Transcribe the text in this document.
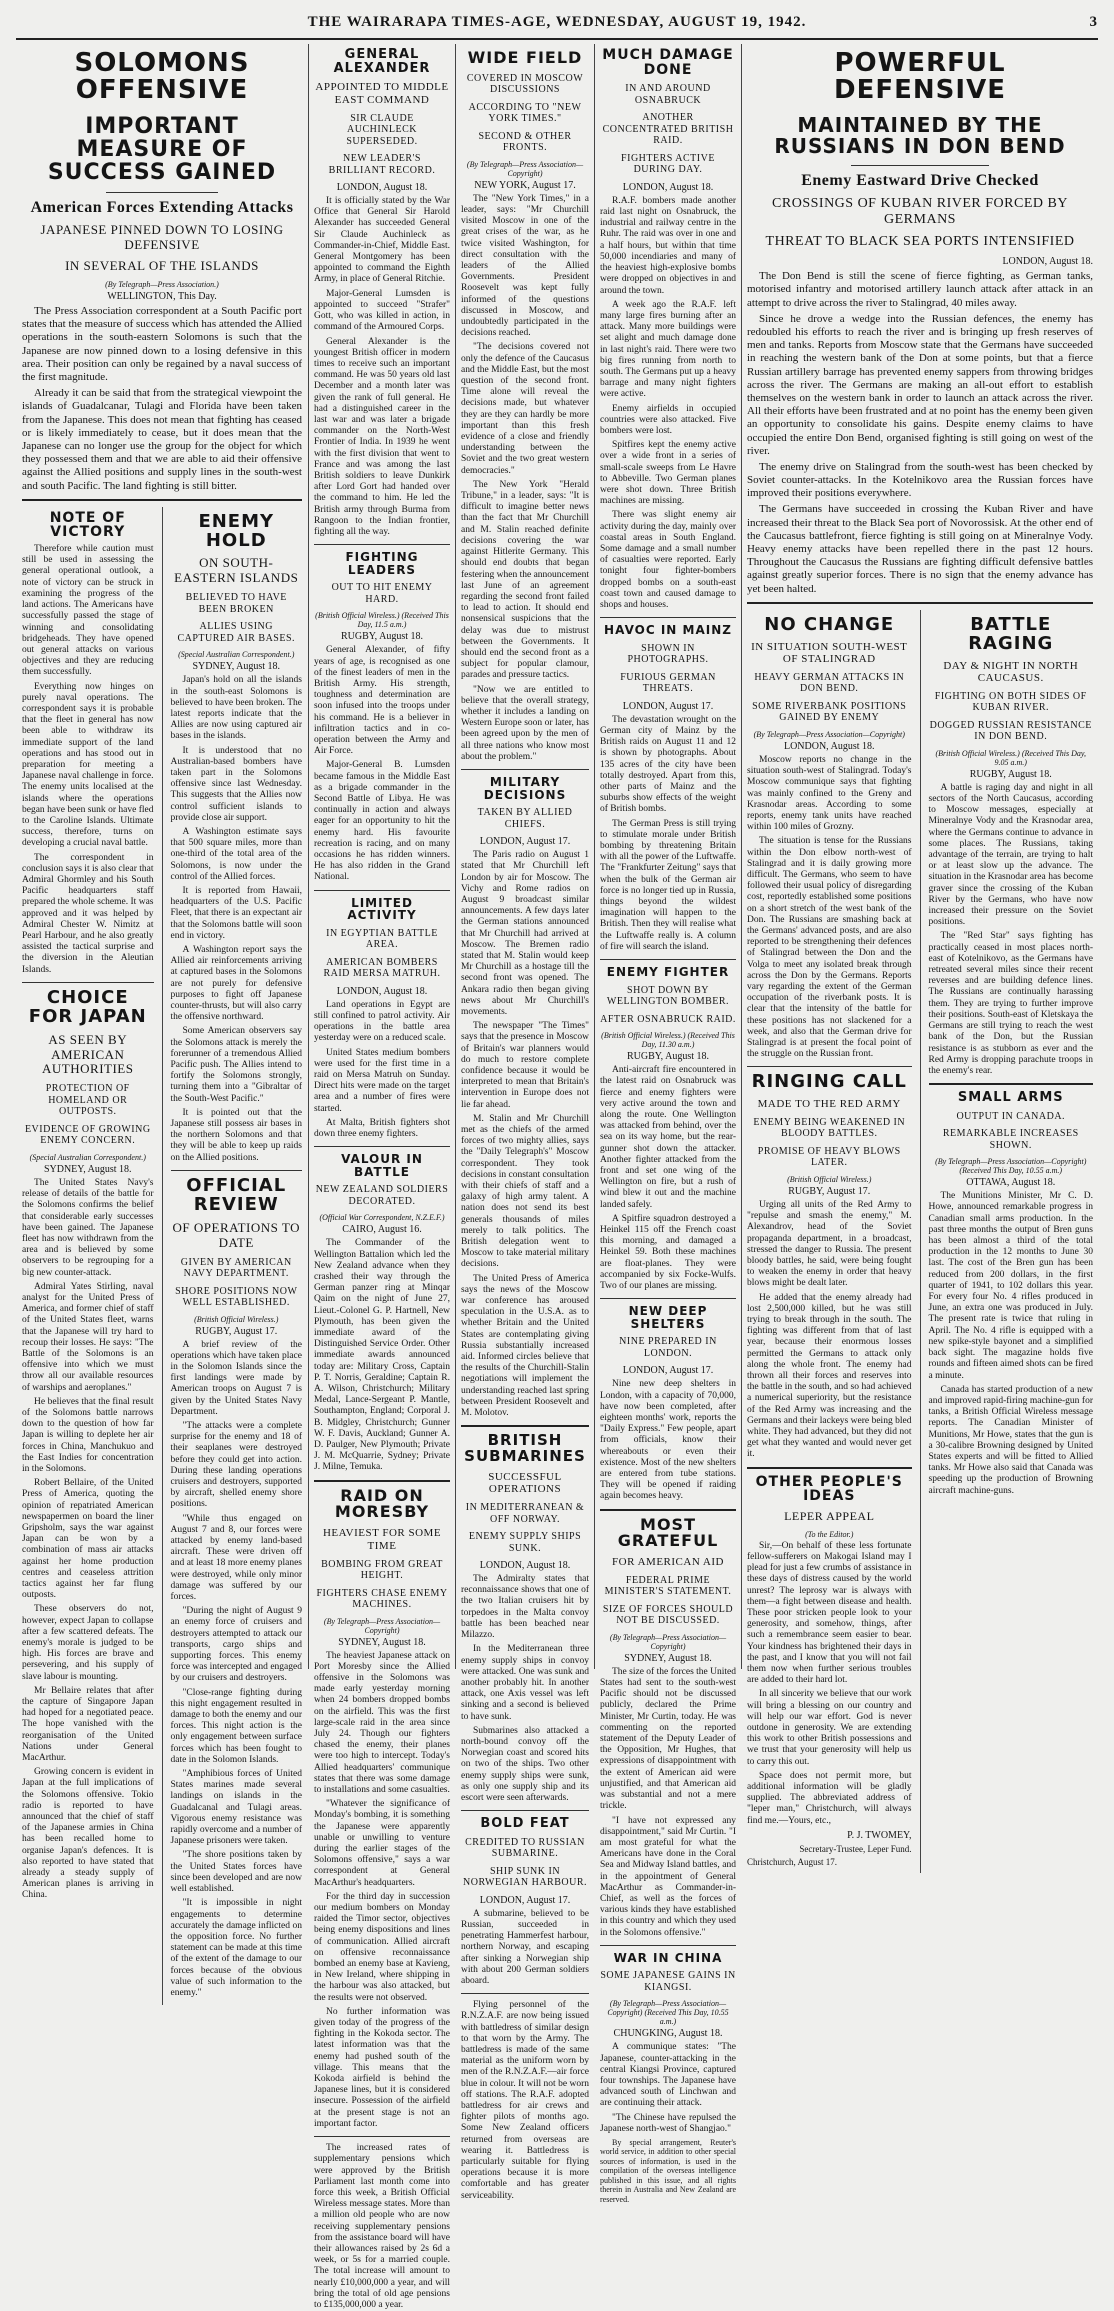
THE WAIRARAPA TIMES-AGE, WEDNESDAY, AUGUST 19, 1942.	3
SOLOMONS OFFENSIVE
IMPORTANT MEASURE OF SUCCESS GAINED
American Forces Extending Attacks
JAPANESE PINNED DOWN TO LOSING DEFENSIVE
IN SEVERAL OF THE ISLANDS
(By Telegraph—Press Association.)
WELLINGTON, This Day.

The Press Association correspondent at a South Pacific port states that the measure of success which has attended the Allied operations in the south-eastern Solomons is such that the Japanese are now pinned down to a losing defensive in this area. Their position can only be regained by a naval success of the first magnitude.

Already it can be said that from the strategical viewpoint the islands of Guadalcanar, Tulagi and Florida have been taken from the Japanese. This does not mean that fighting has ceased or is likely immediately to cease, but it does mean that the Japanese can no longer use the group for the object for which they possessed them and that we are able to aid their offensive against the Allied positions and supply lines in the south-west and south Pacific. The land fighting is still bitter.

NOTE OF VICTORY

Therefore while caution must still be used in assessing the general operational outlook, a note of victory can be struck in examining the progress of the land actions. The Americans have successfully passed the stage of winning and consolidating bridgeheads. They have opened out general attacks on various objectives and they are reducing them successfully.

Everything now hinges on purely naval operations. The correspondent says it is probable that the fleet in general has now been able to withdraw its immediate support of the land operations and has stood out in preparation for meeting a Japanese naval challenge in force. The enemy units localised at the islands where the operations began have been sunk or have fled to the Caroline Islands. Ultimate success, therefore, turns on developing a crucial naval battle.

The correspondent in conclusion says it is also clear that Admiral Ghormley and his South Pacific headquarters staff prepared the whole scheme. It was approved and it was helped by Admiral Chester W. Nimitz at Pearl Harbour, and he also greatly assisted the tactical surprise and the diversion in the Aleutian Islands.

CHOICE FOR JAPAN
AS SEEN BY AMERICAN AUTHORITIES
PROTECTION OF HOMELAND OR OUTPOSTS.
EVIDENCE OF GROWING ENEMY CONCERN.
(Special Australian Correspondent.)
SYDNEY, August 18.

The United States Navy's release of details of the battle for the Solomons confirms the belief that considerable early successes have been gained. The Japanese fleet has now withdrawn from the area and is believed by some observers to be regrouping for a big new counter-attack.

Admiral Yates Stirling, naval analyst for the United Press of America, and former chief of staff of the United States fleet, warns that the Japanese will try hard to recoup their losses. He says: "The Battle of the Solomons is an offensive into which we must throw all our available resources of warships and aeroplanes."

He believes that the final result of the Solomons battle narrows down to the question of how far Japan is willing to deplete her air forces in China, Manchukuo and the East Indies for concentration in the Solomons.

Robert Bellaire, of the United Press of America, quoting the opinion of repatriated American newspapermen on board the liner Gripsholm, says the war against Japan can be won by a combination of mass air attacks against her home production centres and ceaseless attrition tactics against her far flung outposts.

These observers do not, however, expect Japan to collapse after a few scattered defeats. The enemy's morale is judged to be high. His forces are brave and persevering, and his supply of slave labour is mounting.

Mr Bellaire relates that after the capture of Singapore Japan had hoped for a negotiated peace. The hope vanished with the reorganisation of the United Nations under General MacArthur.

Growing concern is evident in Japan at the full implications of the Solomons offensive. Tokio radio is reported to have announced that the chief of staff of the Japanese armies in China has been recalled home to organise Japan's defences. It is also reported to have stated that already a steady supply of American planes is arriving in China.

ENEMY HOLD
ON SOUTH-EASTERN ISLANDS
BELIEVED TO HAVE BEEN BROKEN
ALLIES USING CAPTURED AIR BASES.
(Special Australian Correspondent.)
SYDNEY, August 18.

Japan's hold on all the islands in the south-east Solomons is believed to have been broken. The latest reports indicate that the Allies are now using captured air bases in the islands.

It is understood that no Australian-based bombers have taken part in the Solomons offensive since last Wednesday. This suggests that the Allies now control sufficient islands to provide close air support.

A Washington estimate says that 500 square miles, more than one-third of the total area of the Solomons, is now under the control of the Allied forces.

It is reported from Hawaii, headquarters of the U.S. Pacific Fleet, that there is an expectant air that the Solomons battle will soon end in victory.

A Washington report says the Allied air reinforcements arriving at captured bases in the Solomons are not purely for defensive purposes to fight off Japanese counter-thrusts, but will also carry the offensive northward.

Some American observers say the Solomons attack is merely the forerunner of a tremendous Allied Pacific push. The Allies intend to fortify the Solomons strongly, turning them into a "Gibraltar of the South-West Pacific."

It is pointed out that the Japanese still possess air bases in the northern Solomons and that they will be able to keep up raids on the Allied positions.

OFFICIAL REVIEW
OF OPERATIONS TO DATE
GIVEN BY AMERICAN NAVY DEPARTMENT.
SHORE POSITIONS NOW WELL ESTABLISHED.
(British Official Wireless.)
RUGBY, August 17.

A brief review of the operations which have taken place in the Solomon Islands since the first landings were made by American troops on August 7 is given by the United States Navy Department.

"The attacks were a complete surprise for the enemy and 18 of their seaplanes were destroyed before they could get into action. During these landing operations cruisers and destroyers, supported by aircraft, shelled enemy shore positions.

"While thus engaged on August 7 and 8, our forces were attacked by enemy land-based aircraft. These were driven off and at least 18 more enemy planes were destroyed, while only minor damage was suffered by our forces.

"During the night of August 9 an enemy force of cruisers and destroyers attempted to attack our transports, cargo ships and supporting forces. This enemy force was intercepted and engaged by our cruisers and destroyers.

"Close-range fighting during this night engagement resulted in damage to both the enemy and our forces. This night action is the only engagement between surface forces which has been fought to date in the Solomon Islands.

"Amphibious forces of United States marines made several landings on islands in the Guadalcanal and Tulagi areas. Vigorous enemy resistance was rapidly overcome and a number of Japanese prisoners were taken.

"The shore positions taken by the United States forces have since been developed and are now well established.

"It is impossible in night engagements to determine accurately the damage inflicted on the opposition force. No further statement can be made at this time of the extent of the damage to our forces because of the obvious value of such information to the enemy."

GENERAL ALEXANDER
APPOINTED TO MIDDLE EAST COMMAND
SIR CLAUDE AUCHINLECK SUPERSEDED.
NEW LEADER'S BRILLIANT RECORD.
LONDON, August 18.

It is officially stated by the War Office that General Sir Harold Alexander has succeeded General Sir Claude Auchinleck as Commander-in-Chief, Middle East. General Montgomery has been appointed to command the Eighth Army, in place of General Ritchie.

Major-General Lumsden is appointed to succeed "Strafer" Gott, who was killed in action, in command of the Armoured Corps.

General Alexander is the youngest British officer in modern times to receive such an important command. He was 50 years old last December and a month later was given the rank of full general. He had a distinguished career in the last war and was later a brigade commander on the North-West Frontier of India. In 1939 he went with the first division that went to France and was among the last British soldiers to leave Dunkirk after Lord Gort had handed over the command to him. He led the British army through Burma from Rangoon to the Indian frontier, fighting all the way.

FIGHTING LEADERS
OUT TO HIT ENEMY HARD.
(British Official Wireless.) (Received This Day, 11.5 a.m.)
RUGBY, August 18.

General Alexander, of fifty years of age, is recognised as one of the finest leaders of men in the British Army. His strength, toughness and determination are soon infused into the troops under his command. He is a believer in infiltration tactics and in co-operation between the Army and Air Force.

Major-General B. Lumsden became famous in the Middle East as a brigade commander in the Second Battle of Libya. He was continually in action and always eager for an opportunity to hit the enemy hard. His favourite recreation is racing, and on many occasions he has ridden winners. He has also ridden in the Grand National.

LIMITED ACTIVITY
IN EGYPTIAN BATTLE AREA.
AMERICAN BOMBERS RAID MERSA MATRUH.
LONDON, August 18.

Land operations in Egypt are still confined to patrol activity. Air operations in the battle area yesterday were on a reduced scale.

United States medium bombers were used for the first time in a raid on Mersa Matruh on Sunday. Direct hits were made on the target area and a number of fires were started.

At Malta, British fighters shot down three enemy fighters.

VALOUR IN BATTLE
NEW ZEALAND SOLDIERS DECORATED.
(Official War Correspondent, N.Z.E.F.)
CAIRO, August 16.

The Commander of the Wellington Battalion which led the New Zealand advance when they crashed their way through the German panzer ring at Minqar Qaim on the night of June 27, Lieut.-Colonel G. P. Hartnell, New Plymouth, has been given the immediate award of the Distinguished Service Order. Other immediate awards announced today are: Military Cross, Captain P. T. Norris, Geraldine; Captain R. A. Wilson, Christchurch; Military Medal, Lance-Sergeant P. Mantle, Southampton, England; Corporal J. B. Midgley, Christchurch; Gunner W. F. Davis, Auckland; Gunner A. D. Paulger, New Plymouth; Private J. M. McQuarrie, Sydney; Private J. Milne, Temuka.

RAID ON MORESBY
HEAVIEST FOR SOME TIME
BOMBING FROM GREAT HEIGHT.
FIGHTERS CHASE ENEMY MACHINES.
(By Telegraph—Press Association—Copyright)
SYDNEY, August 18.

The heaviest Japanese attack on Port Moresby since the Allied offensive in the Solomons was made early yesterday morning when 24 bombers dropped bombs on the airfield. This was the first large-scale raid in the area since July 24. Though our fighters chased the enemy, their planes were too high to intercept. Today's Allied headquarters' communique states that there was some damage to installations and some casualties.

"Whatever the significance of Monday's bombing, it is something the Japanese were apparently unable or unwilling to venture during the earlier stages of the Solomons offensive," says a war correspondent at General MacArthur's headquarters.

For the third day in succession our medium bombers on Monday raided the Timor sector, objectives being enemy dispositions and lines of communication. Allied aircraft on offensive reconnaissance bombed an enemy base at Kavieng, in New Ireland, where shipping in the harbour was also attacked, but the results were not observed.

No further information was given today of the progress of the fighting in the Kokoda sector. The latest information was that the enemy had pushed south of the village. This means that the Kokoda airfield is behind the Japanese lines, but it is considered insecure. Possession of the airfield at the present stage is not an important factor.

The increased rates of supplementary pensions which were approved by the British Parliament last month come into force this week, a British Official Wireless message states. More than a million old people who are now receiving supplementary pensions from the assistance board will have their allowances raised by 2s 6d a week, or 5s for a married couple. The total increase will amount to nearly £10,000,000 a year, and will bring the total of old age pensions to £135,000,000 a year.

WIDE FIELD
COVERED IN MOSCOW DISCUSSIONS
ACCORDING TO "NEW YORK TIMES."
SECOND & OTHER FRONTS.
(By Telegraph—Press Association—Copyright)
NEW YORK, August 17.

The "New York Times," in a leader, says: "Mr Churchill visited Moscow in one of the great crises of the war, as he twice visited Washington, for direct consultation with the leaders of the Allied Governments. President Roosevelt was kept fully informed of the questions discussed in Moscow, and undoubtedly participated in the decisions reached.

"The decisions covered not only the defence of the Caucasus and the Middle East, but the most question of the second front. Time alone will reveal the decisions made, but whatever they are they can hardly be more important than this fresh evidence of a close and friendly understanding between the Soviet and the two great western democracies."

The New York "Herald Tribune," in a leader, says: "It is difficult to imagine better news than the fact that Mr Churchill and M. Stalin reached definite decisions covering the war against Hitlerite Germany. This should end doubts that began festering when the announcement last June of an agreement regarding the second front failed to lead to action. It should end nonsensical suspicions that the delay was due to mistrust between the Governments. It should end the second front as a subject for popular clamour, parades and pressure tactics.

"Now we are entitled to believe that the overall strategy, whether it includes a landing on Western Europe soon or later, has been agreed upon by the men of all three nations who know most about the problem."

MILITARY DECISIONS
TAKEN BY ALLIED CHIEFS.
LONDON, August 17.

The Paris radio on August 1 stated that Mr Churchill left London by air for Moscow. The Vichy and Rome radios on August 9 broadcast similar announcements. A few days later the German stations announced that Mr Churchill had arrived at Moscow. The Bremen radio stated that M. Stalin would keep Mr Churchill as a hostage till the second front was opened. The Ankara radio then began giving news about Mr Churchill's movements.

The newspaper "The Times" says that the presence in Moscow of Britain's war planners would do much to restore complete confidence because it would be interpreted to mean that Britain's intervention in Europe does not lie far ahead.

M. Stalin and Mr Churchill met as the chiefs of the armed forces of two mighty allies, says the "Daily Telegraph's" Moscow correspondent. They took decisions in constant consultation with their chiefs of staff and a galaxy of high army talent. A nation does not send its best generals thousands of miles merely to talk politics. The British delegation went to Moscow to take material military decisions.

The United Press of America says the news of the Moscow war conference has aroused speculation in the U.S.A. as to whether Britain and the United States are contemplating giving Russia substantially increased aid. Informed circles believe that the results of the Churchill-Stalin negotiations will implement the understanding reached last spring between President Roosevelt and M. Molotov.

BRITISH SUBMARINES
SUCCESSFUL OPERATIONS
IN MEDITERRANEAN & OFF NORWAY.
ENEMY SUPPLY SHIPS SUNK.
LONDON, August 18.

The Admiralty states that reconnaissance shows that one of the two Italian cruisers hit by torpedoes in the Malta convoy battle has been beached near Milazzo.

In the Mediterranean three enemy supply ships in convoy were attacked. One was sunk and another probably hit. In another attack, one Axis vessel was left sinking and a second is believed to have sunk.

Submarines also attacked a north-bound convoy off the Norwegian coast and scored hits on two of the ships. Two other enemy supply ships were sunk, as only one supply ship and its escort were seen afterwards.

BOLD FEAT
CREDITED TO RUSSIAN SUBMARINE.
SHIP SUNK IN NORWEGIAN HARBOUR.
LONDON, August 17.

A submarine, believed to be Russian, succeeded in penetrating Hammerfest harbour, northern Norway, and escaping after sinking a Norwegian ship with about 200 German soldiers aboard.

Flying personnel of the R.N.Z.A.F. are now being issued with battledress of similar design to that worn by the Army. The battledress is made of the same material as the uniform worn by men of the R.N.Z.A.F.—air force blue in colour. It will not be worn off stations. The R.A.F. adopted battledress for air crews and fighter pilots of months ago. Some New Zealand officers returned from overseas are wearing it. Battledress is particularly suitable for flying operations because it is more comfortable and has greater serviceability.

MUCH DAMAGE DONE
IN AND AROUND OSNABRUCK
ANOTHER CONCENTRATED BRITISH RAID.
FIGHTERS ACTIVE DURING DAY.
LONDON, August 18.

R.A.F. bombers made another raid last night on Osnabruck, the industrial and railway centre in the Ruhr. The raid was over in one and a half hours, but within that time 50,000 incendiaries and many of the heaviest high-explosive bombs were dropped on objectives in and around the town.

A week ago the R.A.F. left many large fires burning after an attack. Many more buildings were set alight and much damage done in last night's raid. There were two big fires running from north to south. The Germans put up a heavy barrage and many night fighters were active.

Enemy airfields in occupied countries were also attacked. Five bombers were lost.

Spitfires kept the enemy active over a wide front in a series of small-scale sweeps from Le Havre to Abbeville. Two German planes were shot down. Three British machines are missing.

There was slight enemy air activity during the day, mainly over coastal areas in South England. Some damage and a small number of casualties were reported. Early tonight four fighter-bombers dropped bombs on a south-east coast town and caused damage to shops and houses.

HAVOC IN MAINZ
SHOWN IN PHOTOGRAPHS.
FURIOUS GERMAN THREATS.
LONDON, August 17.

The devastation wrought on the German city of Mainz by the British raids on August 11 and 12 is shown by photographs. About 135 acres of the city have been totally destroyed. Apart from this, other parts of Mainz and the suburbs show effects of the weight of British bombs.

The German Press is still trying to stimulate morale under British bombing by threatening Britain with all the power of the Luftwaffe. The "Frankfurter Zeitung" says that when the bulk of the German air force is no longer tied up in Russia, things beyond the wildest imagination will happen to the British. Then they will realise what the Luftwaffe really is. A column of fire will search the island.

ENEMY FIGHTER
SHOT DOWN BY WELLINGTON BOMBER.
AFTER OSNABRUCK RAID.
(British Official Wireless.) (Received This Day, 11.30 a.m.)
RUGBY, August 18.

Anti-aircraft fire encountered in the latest raid on Osnabruck was fierce and enemy fighters were very active around the town and along the route. One Wellington was attacked from behind, over the sea on its way home, but the rear-gunner shot down the attacker. Another fighter attacked from the front and set one wing of the Wellington on fire, but a rush of wind blew it out and the machine landed safely.

A Spitfire squadron destroyed a Heinkel 115 off the French coast this morning, and damaged a Heinkel 59. Both these machines are float-planes. They were accompanied by six Focke-Wulfs. Two of our planes are missing.

NEW DEEP SHELTERS
NINE PREPARED IN LONDON.
LONDON, August 17.

Nine new deep shelters in London, with a capacity of 70,000, have now been completed, after eighteen months' work, reports the "Daily Express." Few people, apart from officials, know their whereabouts or even their existence. Most of the new shelters are entered from tube stations. They will be opened if raiding again becomes heavy.

MOST GRATEFUL
FOR AMERICAN AID
FEDERAL PRIME MINISTER'S STATEMENT.
SIZE OF FORCES SHOULD NOT BE DISCUSSED.
(By Telegraph—Press Association—Copyright)
SYDNEY, August 18.

The size of the forces the United States had sent to the south-west Pacific should not be discussed publicly, declared the Prime Minister, Mr Curtin, today. He was commenting on the reported statement of the Deputy Leader of the Opposition, Mr Hughes, that expressions of disappointment with the extent of American aid were unjustified, and that American aid was substantial and not a mere trickle.

"I have not expressed any disappointment," said Mr Curtin. "I am most grateful for what the Americans have done in the Coral Sea and Midway Island battles, and in the appointment of General MacArthur as Commander-in-Chief, as well as the forces of various kinds they have established in this country and which they used in the Solomons offensive."

WAR IN CHINA
SOME JAPANESE GAINS IN KIANGSI.
(By Telegraph—Press Association—Copyright) (Received This Day, 10.55 a.m.)
CHUNGKING, August 18.

A communique states: "The Japanese, counter-attacking in the central Kiangsi Province, captured four townships. The Japanese have advanced south of Linchwan and are continuing their attack.

"The Chinese have repulsed the Japanese north-west of Shangjao."

By special arrangement, Reuter's world service, in addition to other special sources of information, is used in the compilation of the overseas intelligence published in this issue, and all rights therein in Australia and New Zealand are reserved.

POWERFUL DEFENSIVE
MAINTAINED BY THE RUSSIANS IN DON BEND
Enemy Eastward Drive Checked
CROSSINGS OF KUBAN RIVER FORCED BY GERMANS
THREAT TO BLACK SEA PORTS INTENSIFIED
LONDON, August 18.

The Don Bend is still the scene of fierce fighting, as German tanks, motorised infantry and motorised artillery launch attack after attack in an attempt to drive across the river to Stalingrad, 40 miles away.

Since he drove a wedge into the Russian defences, the enemy has redoubled his efforts to reach the river and is bringing up fresh reserves of men and tanks. Reports from Moscow state that the Germans have succeeded in reaching the western bank of the Don at some points, but that a fierce Russian artillery barrage has prevented enemy sappers from throwing bridges across the river. The Germans are making an all-out effort to establish themselves on the western bank in order to launch an attack across the river. All their efforts have been frustrated and at no point has the enemy been given an opportunity to consolidate his gains. Despite enemy claims to have occupied the entire Don Bend, organised fighting is still going on west of the river.

The enemy drive on Stalingrad from the south-west has been checked by Soviet counter-attacks. In the Kotelnikovo area the Russian forces have improved their positions everywhere.

The Germans have succeeded in crossing the Kuban River and have increased their threat to the Black Sea port of Novorossisk. At the other end of the Caucasus battlefront, fierce fighting is still going on at Mineralnye Vody. Heavy enemy attacks have been repelled there in the past 12 hours. Throughout the Caucasus the Russians are fighting difficult defensive battles against greatly superior forces. There is no sign that the enemy advance has yet been halted.

NO CHANGE
IN SITUATION SOUTH-WEST OF STALINGRAD
HEAVY GERMAN ATTACKS IN DON BEND.
SOME RIVERBANK POSITIONS GAINED BY ENEMY
(By Telegraph—Press Association—Copyright)
LONDON, August 18.

Moscow reports no change in the situation south-west of Stalingrad. Today's Moscow communique says that fighting was mainly confined to the Greny and Krasnodar areas. According to some reports, enemy tank units have reached within 100 miles of Grozny.

The situation is tense for the Russians within the Don elbow north-west of Stalingrad and it is daily growing more difficult. The Germans, who seem to have followed their usual policy of disregarding cost, reportedly established some positions on a short stretch of the west bank of the Don. The Russians are smashing back at the Germans' advanced posts, and are also reported to be strengthening their defences of Stalingrad between the Don and the Volga to meet any isolated break through across the Don by the Germans. Reports vary regarding the extent of the German occupation of the riverbank posts. It is clear that the intensity of the battle for these positions has not slackened for a week, and also that the German drive for Stalingrad is at present the focal point of the struggle on the Russian front.

RINGING CALL
MADE TO THE RED ARMY
ENEMY BEING WEAKENED IN BLOODY BATTLES.
PROMISE OF HEAVY BLOWS LATER.
(British Official Wireless.)
RUGBY, August 17.

Urging all units of the Red Army to "repulse and smash the enemy," M. Alexandrov, head of the Soviet propaganda department, in a broadcast, stressed the danger to Russia. The present bloody battles, he said, were being fought to weaken the enemy in order that heavy blows might be dealt later.

He added that the enemy already had lost 2,500,000 killed, but he was still trying to break through in the south. The fighting was different from that of last year, because their enormous losses permitted the Germans to attack only along the whole front. The enemy had thrown all their forces and reserves into the battle in the south, and so had achieved a numerical superiority, but the resistance of the Red Army was increasing and the Germans and their lackeys were being bled white. They had advanced, but they did not get what they wanted and would never get it.

OTHER PEOPLE'S IDEAS
LEPER APPEAL
(To the Editor.)

Sir,—On behalf of these less fortunate fellow-sufferers on Makogai Island may I plead for just a few crumbs of assistance in these days of distress caused by the world unrest? The leprosy war is always with them—a fight between disease and health. These poor stricken people look to your generosity, and somehow, things, after such a remembrance seem easier to bear. Your kindness has brightened their days in the past, and I know that you will not fail them now when further serious troubles are added to their hard lot.

In all sincerity we believe that our work will bring a blessing on our country and will help our war effort. God is never outdone in generosity. We are extending this work to other British possessions and we trust that your generosity will help us to carry this out.

Space does not permit more, but additional information will be gladly supplied. The abbreviated address of "leper man," Christchurch, will always find me.—Yours, etc.,

P. J. TWOMEY,
Secretary-Trustee, Leper Fund.
Christchurch, August 17.
BATTLE RAGING
DAY & NIGHT IN NORTH CAUCASUS.
FIGHTING ON BOTH SIDES OF KUBAN RIVER.
DOGGED RUSSIAN RESISTANCE IN DON BEND.
(British Official Wireless.) (Received This Day, 9.05 a.m.)
RUGBY, August 18.

A battle is raging day and night in all sectors of the North Caucasus, according to Moscow messages, especially at Mineralnye Vody and the Krasnodar area, where the Germans continue to advance in some places. The Russians, taking advantage of the terrain, are trying to halt or at least slow up the advance. The situation in the Krasnodar area has become graver since the crossing of the Kuban River by the Germans, who have now increased their pressure on the Soviet positions.

The "Red Star" says fighting has practically ceased in most places north-east of Kotelnikovo, as the Germans have retreated several miles since their recent reverses and are building defence lines. The Russians are continually harassing them. They are trying to further improve their positions. South-east of Kletskaya the Germans are still trying to reach the west bank of the Don, but the Russian resistance is as stubborn as ever and the Red Army is dropping parachute troops in the enemy's rear.

SMALL ARMS
OUTPUT IN CANADA.
REMARKABLE INCREASES SHOWN.
(By Telegraph—Press Association—Copyright) (Received This Day, 10.55 a.m.)
OTTAWA, August 18.

The Munitions Minister, Mr C. D. Howe, announced remarkable progress in Canadian small arms production. In the past three months the output of Bren guns has been almost a third of the total production in the 12 months to June 30 last. The cost of the Bren gun has been reduced from 200 dollars, in the first quarter of 1941, to 102 dollars this year. For every four No. 4 rifles produced in June, an extra one was produced in July. The present rate is twice that ruling in April. The No. 4 rifle is equipped with a new spike-style bayonet and a simplified back sight. The magazine holds five rounds and fifteen aimed shots can be fired a minute.

Canada has started production of a new and improved rapid-firing machine-gun for tanks, a British Official Wireless message reports. The Canadian Minister of Munitions, Mr Howe, states that the gun is a 30-calibre Browning designed by United States experts and will be fitted to Allied tanks. Mr Howe also said that Canada was speeding up the production of Browning aircraft machine-guns.
